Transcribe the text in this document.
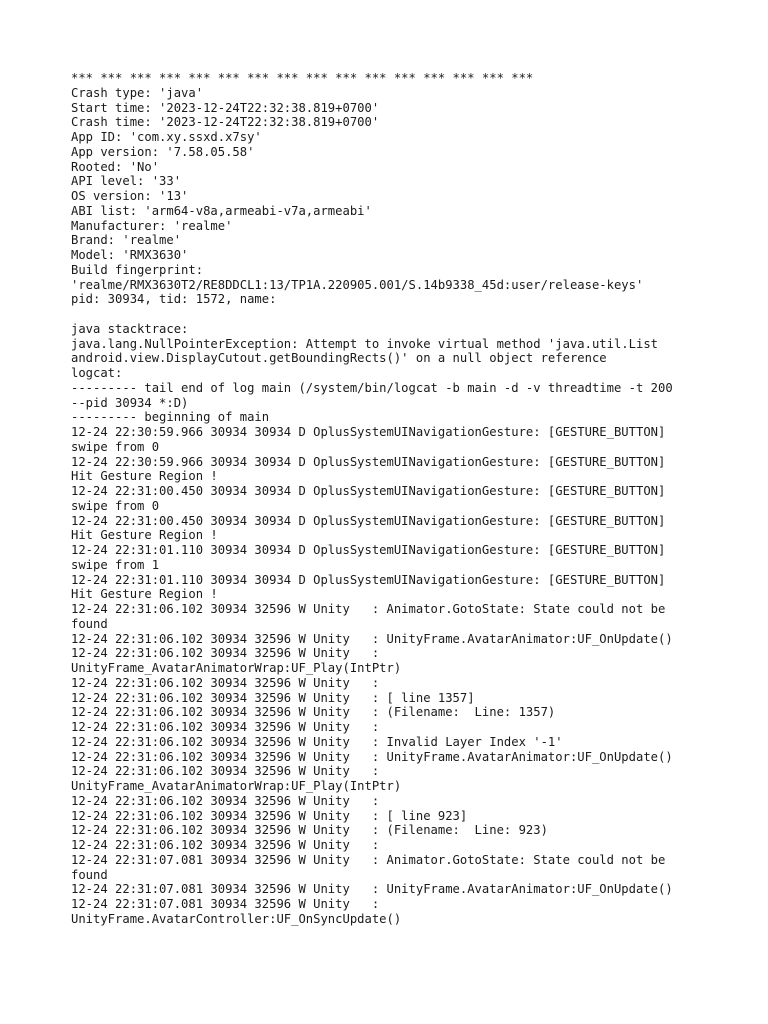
*** *** *** *** *** *** *** *** *** *** *** *** *** *** *** ***
Crash type: 'java'
Start time: '2023-12-24T22:32:38.819+0700'
Crash time: '2023-12-24T22:32:38.819+0700'
App ID: 'com.xy.ssxd.x7sy'
App version: '7.58.05.58'
Rooted: 'No'
API level: '33'
OS version: '13'
ABI list: 'arm64-v8a,armeabi-v7a,armeabi'
Manufacturer: 'realme'
Brand: 'realme'
Model: 'RMX3630'
Build fingerprint:
'realme/RMX3630T2/RE8DDCL1:13/TP1A.220905.001/S.14b9338_45d:user/release-keys'
pid: 30934, tid: 1572, name:
java stacktrace:
java.lang.NullPointerException: Attempt to invoke virtual method 'java.util.List
android.view.DisplayCutout.getBoundingRects()' on a null object reference
logcat:
--------- tail end of log main (/system/bin/logcat -b main -d -v threadtime -t 200
--pid 30934 *:D)
--------- beginning of main
12-24 22:30:59.966 30934 30934 D OplusSystemUINavigationGesture: [GESTURE_BUTTON]
swipe from 0
12-24 22:30:59.966 30934 30934 D OplusSystemUINavigationGesture: [GESTURE_BUTTON]
Hit Gesture Region !
12-24 22:31:00.450 30934 30934 D OplusSystemUINavigationGesture: [GESTURE_BUTTON]
swipe from 0
12-24 22:31:00.450 30934 30934 D OplusSystemUINavigationGesture: [GESTURE_BUTTON]
Hit Gesture Region !
12-24 22:31:01.110 30934 30934 D OplusSystemUINavigationGesture: [GESTURE_BUTTON]
swipe from 1
12-24 22:31:01.110 30934 30934 D OplusSystemUINavigationGesture: [GESTURE_BUTTON]
Hit Gesture Region !
12-24 22:31:06.102 30934 32596 W Unity   : Animator.GotoState: State could not be
found
12-24 22:31:06.102 30934 32596 W Unity   : UnityFrame.AvatarAnimator:UF_OnUpdate()
12-24 22:31:06.102 30934 32596 W Unity   :
UnityFrame_AvatarAnimatorWrap:UF_Play(IntPtr)
12-24 22:31:06.102 30934 32596 W Unity   :
12-24 22:31:06.102 30934 32596 W Unity   : [ line 1357]
12-24 22:31:06.102 30934 32596 W Unity   : (Filename:  Line: 1357)
12-24 22:31:06.102 30934 32596 W Unity   :
12-24 22:31:06.102 30934 32596 W Unity   : Invalid Layer Index '-1'
12-24 22:31:06.102 30934 32596 W Unity   : UnityFrame.AvatarAnimator:UF_OnUpdate()
12-24 22:31:06.102 30934 32596 W Unity   :
UnityFrame_AvatarAnimatorWrap:UF_Play(IntPtr)
12-24 22:31:06.102 30934 32596 W Unity   :
12-24 22:31:06.102 30934 32596 W Unity   : [ line 923]
12-24 22:31:06.102 30934 32596 W Unity   : (Filename:  Line: 923)
12-24 22:31:06.102 30934 32596 W Unity   :
12-24 22:31:07.081 30934 32596 W Unity   : Animator.GotoState: State could not be
found
12-24 22:31:07.081 30934 32596 W Unity   : UnityFrame.AvatarAnimator:UF_OnUpdate()
12-24 22:31:07.081 30934 32596 W Unity   :
UnityFrame.AvatarController:UF_OnSyncUpdate()
